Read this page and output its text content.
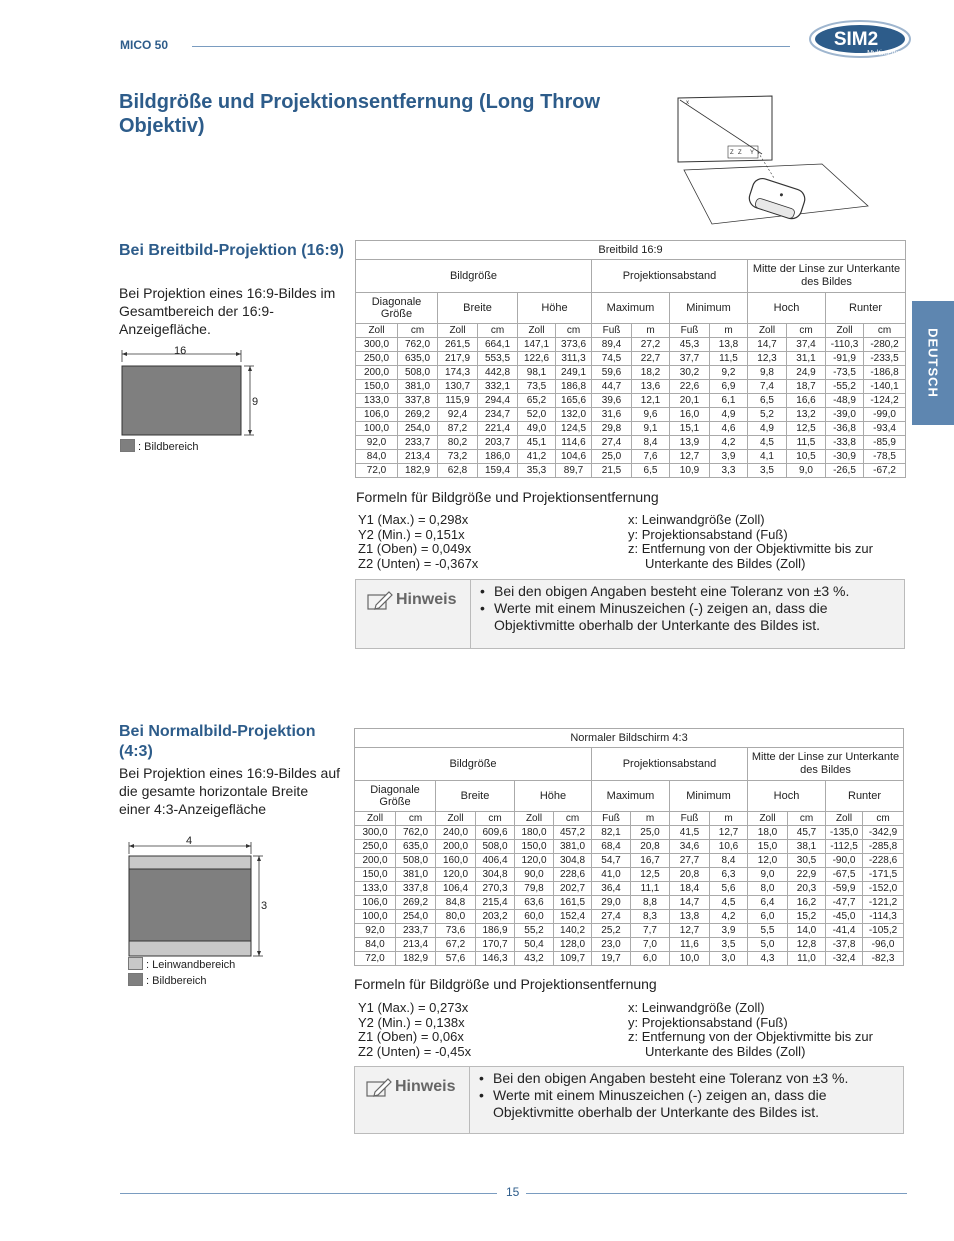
MICO 50	SIM2
Multimedia
Bildgröße und Projektionsentfernung (Long Throw Objektiv)
x
Y
Z Z
DEUTSCH
Bei Breitbild-Projektion (16:9)
Bei Projektion eines 16:9-Bildes im Gesamtbereich der 16:9-Anzeigefläche.
16
9
: Bildbereich
Breitbild 16:9													
Bildgröße						Projektionsabstand				Mitte der Linse zur Unterkante des Bildes			
Diagonale Größe		Breite		Höhe		Maximum		Minimum		Hoch		Runter	
Zoll	cm	Zoll	cm	Zoll	cm	Fuß	m	Fuß	m	Zoll	cm	Zoll	cm
300,0	762,0	261,5	664,1	147,1	373,6	89,4	27,2	45,3	13,8	14,7	37,4	-110,3	-280,2
250,0	635,0	217,9	553,5	122,6	311,3	74,5	22,7	37,7	11,5	12,3	31,1	-91,9	-233,5
200,0	508,0	174,3	442,8	98,1	249,1	59,6	18,2	30,2	9,2	9,8	24,9	-73,5	-186,8
150,0	381,0	130,7	332,1	73,5	186,8	44,7	13,6	22,6	6,9	7,4	18,7	-55,2	-140,1
133,0	337,8	115,9	294,4	65,2	165,6	39,6	12,1	20,1	6,1	6,5	16,6	-48,9	-124,2
106,0	269,2	92,4	234,7	52,0	132,0	31,6	9,6	16,0	4,9	5,2	13,2	-39,0	-99,0
100,0	254,0	87,2	221,4	49,0	124,5	29,8	9,1	15,1	4,6	4,9	12,5	-36,8	-93,4
92,0	233,7	80,2	203,7	45,1	114,6	27,4	8,4	13,9	4,2	4,5	11,5	-33,8	-85,9
84,0	213,4	73,2	186,0	41,2	104,6	25,0	7,6	12,7	3,9	4,1	10,5	-30,9	-78,5
72,0	182,9	62,8	159,4	35,3	89,7	21,5	6,5	10,9	3,3	3,5	9,0	-26,5	-67,2
Formeln für Bildgröße und Projektionsentfernung
Y1 (Max.) = 0,298x
Y2 (Min.) = 0,151x
Z1 (Oben) = 0,049x
Z2 (Unten) = -0,367x
x: Leinwandgröße (Zoll)
y: Projektionsabstand (Fuß)
z: Entfernung von der Objektivmitte bis zur
Unterkante des Bildes (Zoll)
Hinweis	• Bei den obigen Angaben besteht eine Toleranz von ±3 %.
• Werte mit einem Minuszeichen (-) zeigen an, dass die Objektivmitte oberhalb der Unterkante des Bildes ist.
Bei Normalbild-Projektion (4:3)
Bei Projektion eines 16:9-Bildes auf die gesamte horizontale Breite einer 4:3-Anzeigefläche
4
3
: Leinwandbereich
: Bildbereich
Normaler Bildschirm 4:3													
Bildgröße						Projektionsabstand				Mitte der Linse zur Unterkante des Bildes			
Diagonale Größe		Breite		Höhe		Maximum		Minimum		Hoch		Runter	
Zoll	cm	Zoll	cm	Zoll	cm	Fuß	m	Fuß	m	Zoll	cm	Zoll	cm
300,0	762,0	240,0	609,6	180,0	457,2	82,1	25,0	41,5	12,7	18,0	45,7	-135,0	-342,9
250,0	635,0	200,0	508,0	150,0	381,0	68,4	20,8	34,6	10,6	15,0	38,1	-112,5	-285,8
200,0	508,0	160,0	406,4	120,0	304,8	54,7	16,7	27,7	8,4	12,0	30,5	-90,0	-228,6
150,0	381,0	120,0	304,8	90,0	228,6	41,0	12,5	20,8	6,3	9,0	22,9	-67,5	-171,5
133,0	337,8	106,4	270,3	79,8	202,7	36,4	11,1	18,4	5,6	8,0	20,3	-59,9	-152,0
106,0	269,2	84,8	215,4	63,6	161,5	29,0	8,8	14,7	4,5	6,4	16,2	-47,7	-121,2
100,0	254,0	80,0	203,2	60,0	152,4	27,4	8,3	13,8	4,2	6,0	15,2	-45,0	-114,3
92,0	233,7	73,6	186,9	55,2	140,2	25,2	7,7	12,7	3,9	5,5	14,0	-41,4	-105,2
84,0	213,4	67,2	170,7	50,4	128,0	23,0	7,0	11,6	3,5	5,0	12,8	-37,8	-96,0
72,0	182,9	57,6	146,3	43,2	109,7	19,7	6,0	10,0	3,0	4,3	11,0	-32,4	-82,3
Formeln für Bildgröße und Projektionsentfernung
Y1 (Max.) = 0,273x
Y2 (Min.) = 0,138x
Z1 (Oben) = 0,06x
Z2 (Unten) = -0,45x
x: Leinwandgröße (Zoll)
y: Projektionsabstand (Fuß)
z: Entfernung von der Objektivmitte bis zur
Unterkante des Bildes (Zoll)
Hinweis	• Bei den obigen Angaben besteht eine Toleranz von ±3 %.
• Werte mit einem Minuszeichen (-) zeigen an, dass die Objektivmitte oberhalb der Unterkante des Bildes ist.
15
